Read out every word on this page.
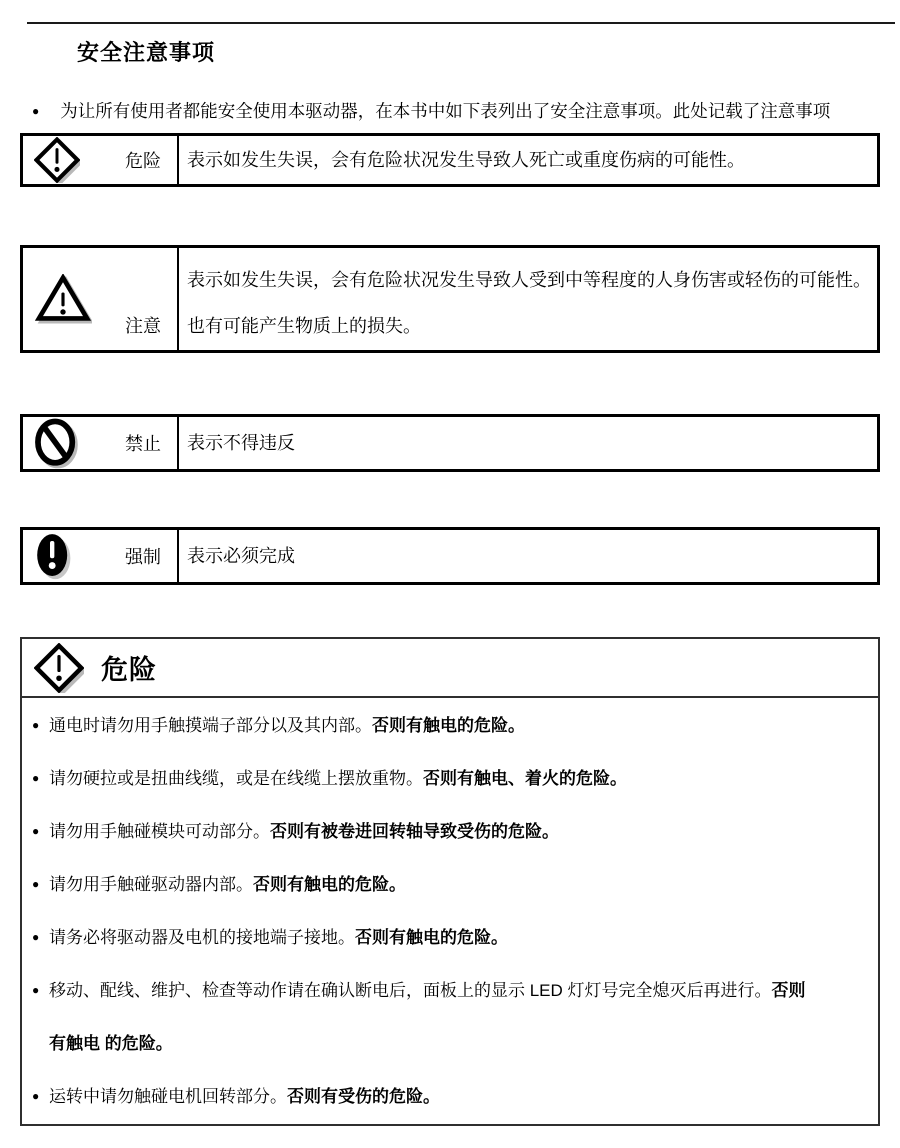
安全注意事项
● 为让所有使用者都能安全使用本驱动器，在本书中如下表列出了安全注意事项。此处记载了注意事项
危险 表示如发生失误，会有危险状况发生导致人死亡或重度伤病的可能性。

注意

表示如发生失误，会有危险状况发生导致人受到中等程度的人身伤害或轻伤的可能性。

也有可能产生物质上的损失。

禁止 表示不得违反

强制 表示必须完成

危险
● 通电时请勿用手触摸端子部分以及其内部。否则有触电的危险。
● 请勿硬拉或是扭曲线缆，或是在线缆上摆放重物。否则有触电、着火的危险。
● 请勿用手触碰模块可动部分。否则有被卷进回转轴导致受伤的危险。
● 请勿用手触碰驱动器内部。否则有触电的危险。
● 请务必将驱动器及电机的接地端子接地。否则有触电的危险。
● 移动、配线、维护、检查等动作请在确认断电后，面板上的显示 LED 灯灯号完全熄灭后再进行。否则有触电 的危险。
● 运转中请勿触碰电机回转部分。否则有受伤的危险。
